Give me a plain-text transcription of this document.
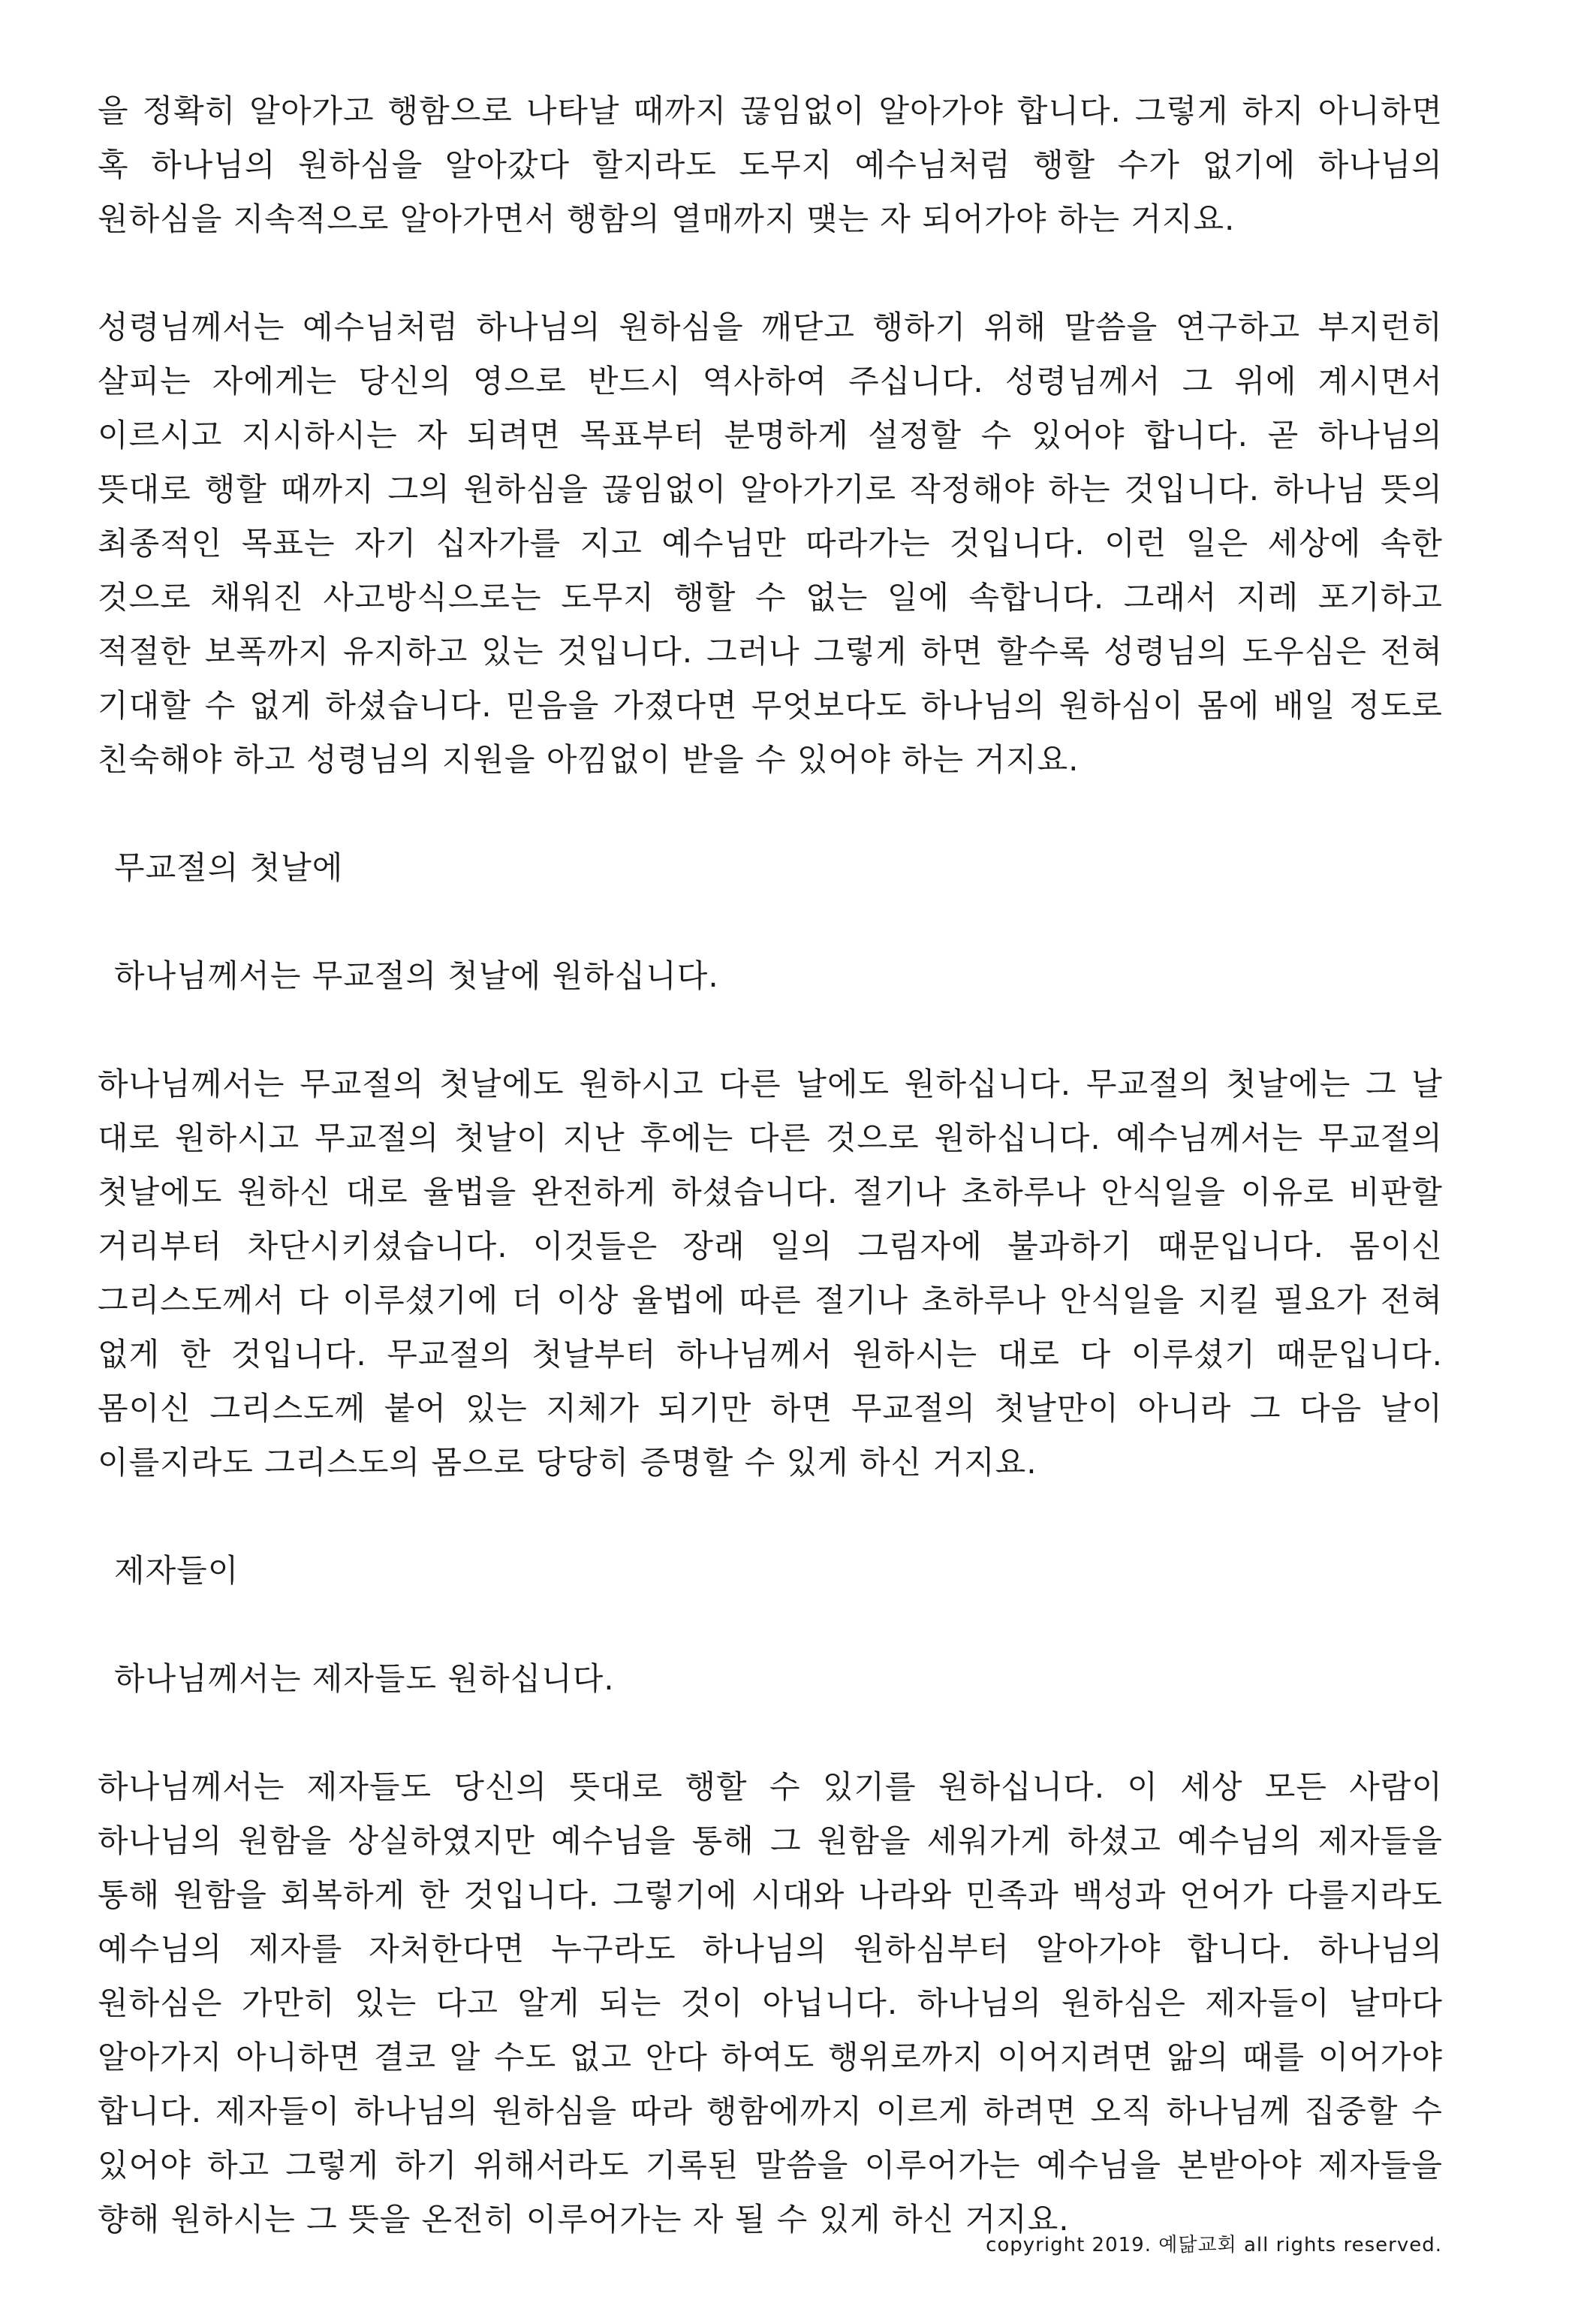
을 정확히 알아가고 행함으로 나타날 때까지 끊임없이 알아가야 합니다. 그렇게 하지 아니하면 혹 하나님의 원하심을 알아갔다 할지라도 도무지 예수님처럼 행할 수가 없기에 하나님의 원하심을 지속적으로 알아가면서 행함의 열매까지 맺는 자 되어가야 하는 거지요.

성령님께서는 예수님처럼 하나님의 원하심을 깨닫고 행하기 위해 말씀을 연구하고 부지런히 살피는 자에게는 당신의 영으로 반드시 역사하여 주십니다. 성령님께서 그 위에 계시면서 이르시고 지시하시는 자 되려면 목표부터 분명하게 설정할 수 있어야 합니다. 곧 하나님의 뜻대로 행할 때까지 그의 원하심을 끊임없이 알아가기로 작정해야 하는 것입니다. 하나님 뜻의 최종적인 목표는 자기 십자가를 지고 예수님만 따라가는 것입니다. 이런 일은 세상에 속한 것으로 채워진 사고방식으로는 도무지 행할 수 없는 일에 속합니다. 그래서 지레 포기하고 적절한 보폭까지 유지하고 있는 것입니다. 그러나 그렇게 하면 할수록 성령님의 도우심은 전혀 기대할 수 없게 하셨습니다. 믿음을 가졌다면 무엇보다도 하나님의 원하심이 몸에 배일 정도로 친숙해야 하고 성령님의 지원을 아낌없이 받을 수 있어야 하는 거지요.

무교절의 첫날에
하나님께서는 무교절의 첫날에 원하십니다.

하나님께서는 무교절의 첫날에도 원하시고 다른 날에도 원하십니다. 무교절의 첫날에는 그 날 대로 원하시고 무교절의 첫날이 지난 후에는 다른 것으로 원하십니다. 예수님께서는 무교절의 첫날에도 원하신 대로 율법을 완전하게 하셨습니다. 절기나 초하루나 안식일을 이유로 비판할 거리부터 차단시키셨습니다. 이것들은 장래 일의 그림자에 불과하기 때문입니다. 몸이신 그리스도께서 다 이루셨기에 더 이상 율법에 따른 절기나 초하루나 안식일을 지킬 필요가 전혀 없게 한 것입니다. 무교절의 첫날부터 하나님께서 원하시는 대로 다 이루셨기 때문입니다. 몸이신 그리스도께 붙어 있는 지체가 되기만 하면 무교절의 첫날만이 아니라 그 다음 날이 이를지라도 그리스도의 몸으로 당당히 증명할 수 있게 하신 거지요.

제자들이
하나님께서는 제자들도 원하십니다.

하나님께서는 제자들도 당신의 뜻대로 행할 수 있기를 원하십니다. 이 세상 모든 사람이 하나님의 원함을 상실하였지만 예수님을 통해 그 원함을 세워가게 하셨고 예수님의 제자들을 통해 원함을 회복하게 한 것입니다. 그렇기에 시대와 나라와 민족과 백성과 언어가 다를지라도 예수님의 제자를 자처한다면 누구라도 하나님의 원하심부터 알아가야 합니다. 하나님의 원하심은 가만히 있는 다고 알게 되는 것이 아닙니다. 하나님의 원하심은 제자들이 날마다 알아가지 아니하면 결코 알 수도 없고 안다 하여도 행위로까지 이어지려면 앎의 때를 이어가야 합니다. 제자들이 하나님의 원하심을 따라 행함에까지 이르게 하려면 오직 하나님께 집중할 수 있어야 하고 그렇게 하기 위해서라도 기록된 말씀을 이루어가는 예수님을 본받아야 제자들을 향해 원하시는 그 뜻을 온전히 이루어가는 자 될 수 있게 하신 거지요.

copyright 2019. 예닮교회 all rights reserved.
